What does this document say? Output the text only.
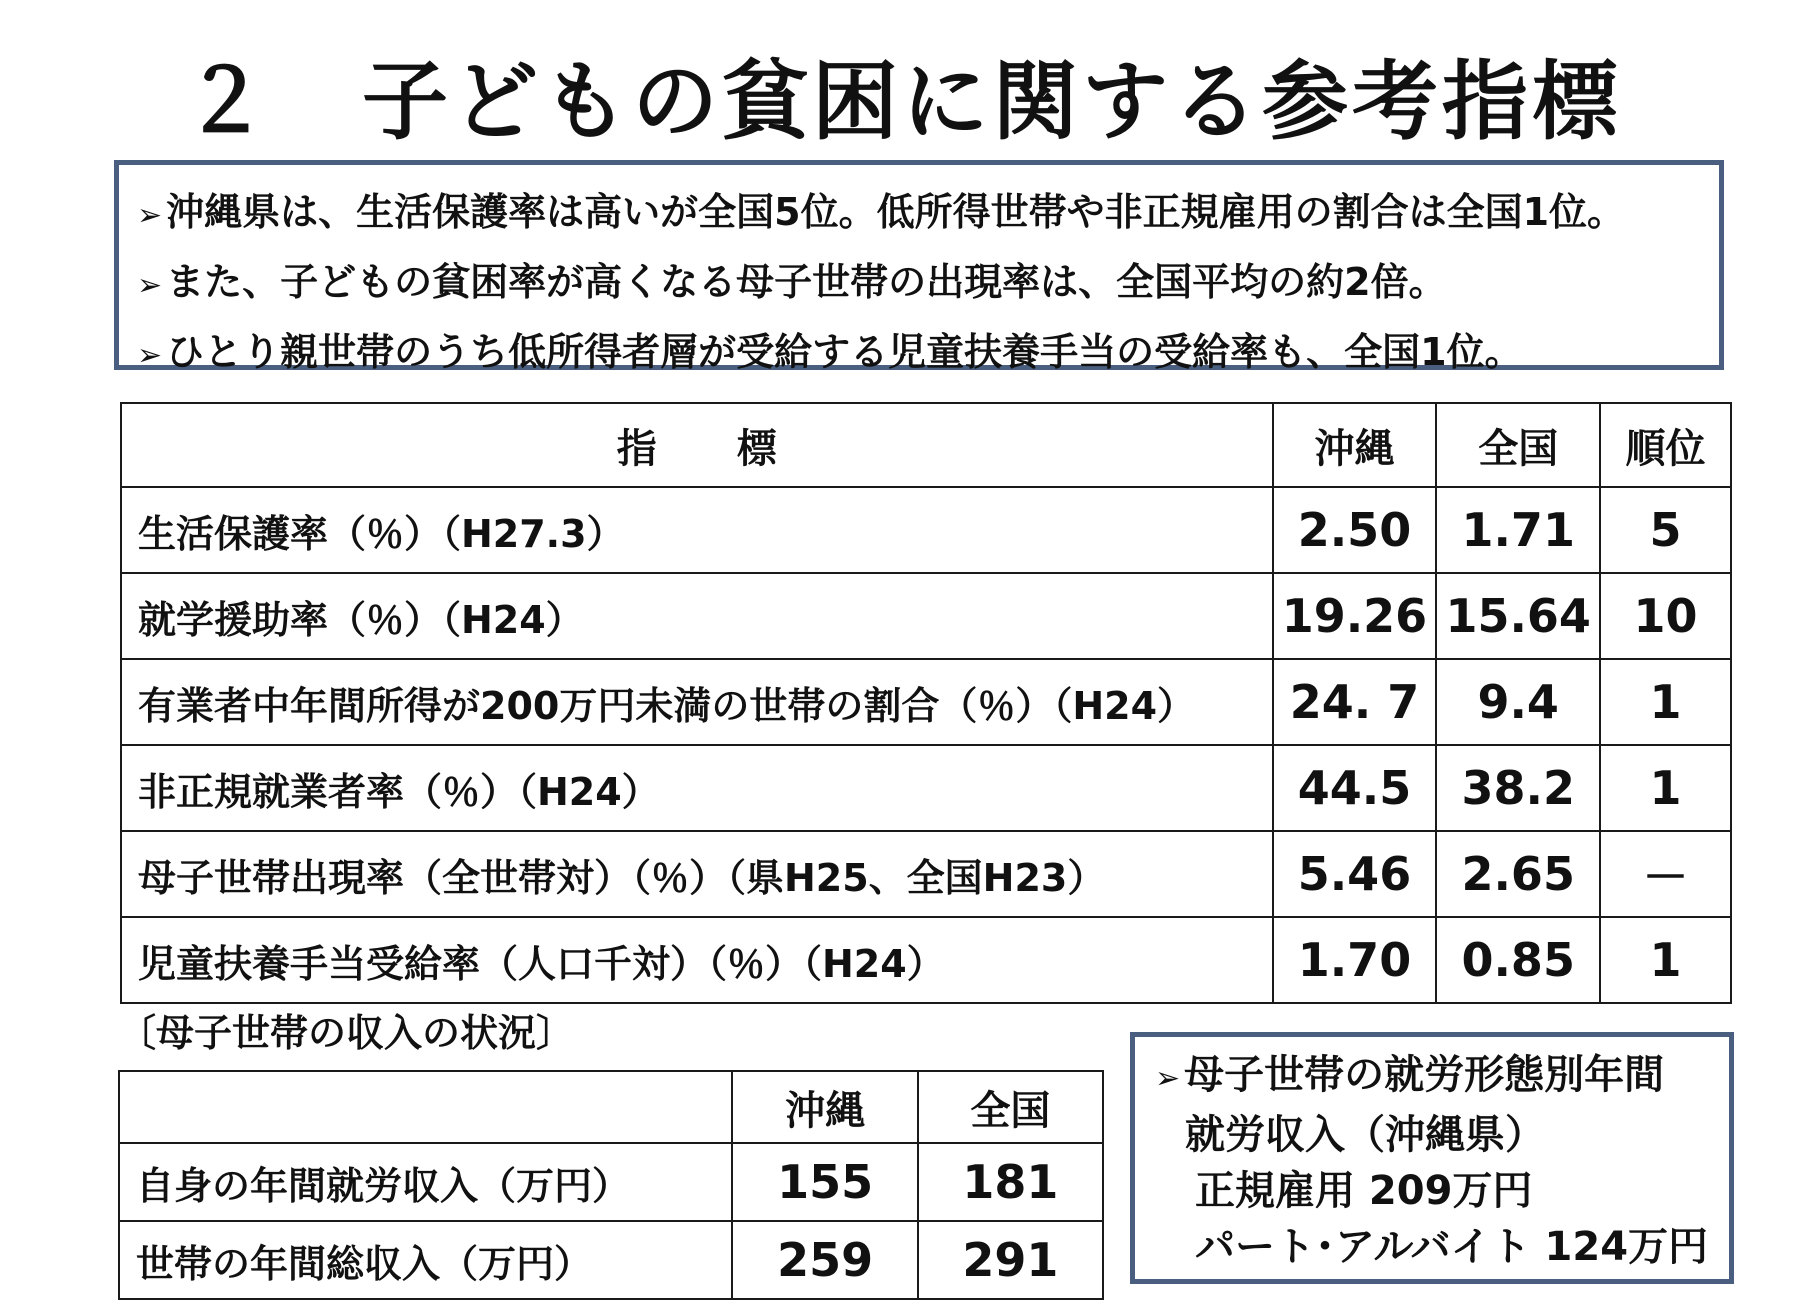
２　子どもの貧困に関する参考指標
➢ 沖縄県は、生活保護率は高いが全国5位。低所得世帯や非正規雇用の割合は全国1位。
➢ また、子どもの貧困率が高くなる母子世帯の出現率は、全国平均の約2倍。
➢ ひとり親世帯のうち低所得者層が受給する児童扶養手当の受給率も、全国1位。
指　　標	沖縄	全国	順位
生活保護率（％）（H27.3）	2.50	1.71	5
就学援助率（％）（H24）	19.26	15.64	10
有業者中年間所得が200万円未満の世帯の割合（％）（H24）	24. 7	9.4	1
非正規就業者率（％）（H24）	44.5	38.2	1
母子世帯出現率（全世帯対）（％）（県H25、全国H23）	5.46	2.65	－
児童扶養手当受給率（人口千対）（％）（H24）	1.70	0.85	1
〔母子世帯の収入の状況〕
	沖縄	全国
自身の年間就労収入（万円）	155	181
世帯の年間総収入（万円）	259	291
➢ 母子世帯の就労形態別年間
就労収入（沖縄県）
正規雇用 209万円
パート･アルバイト 124万円
